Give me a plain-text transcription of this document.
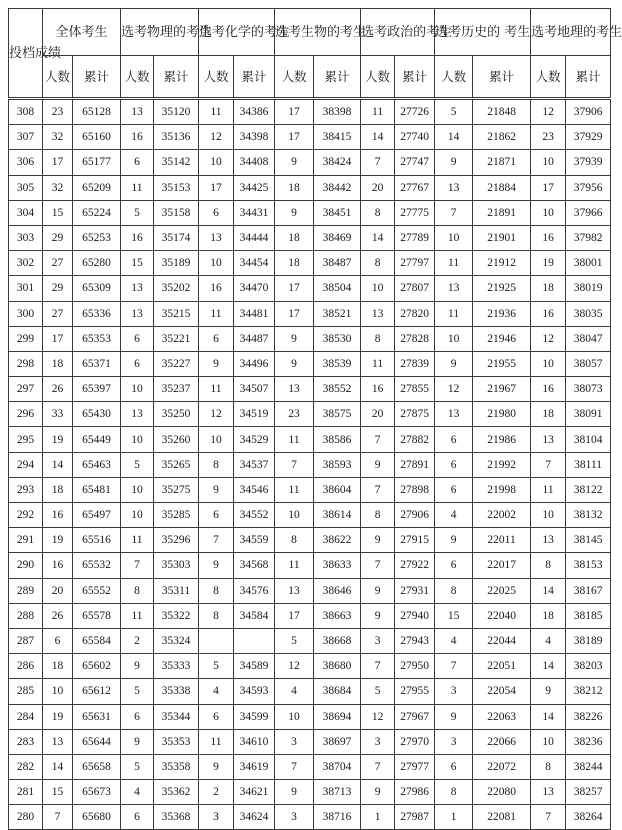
投档成绩	全体考生		选考物理的考生		选考化学的考生		选考生物的考生		选考政治的考生		选考历史的 考生		选考地理的考生	
	人数	累计	人数	累计	人数	累计	人数	累计	人数	累计	人数	累计	人数	累计
308	23	65128	13	35120	11	34386	17	38398	11	27726	5	21848	12	37906
307	32	65160	16	35136	12	34398	17	38415	14	27740	14	21862	23	37929
306	17	65177	6	35142	10	34408	9	38424	7	27747	9	21871	10	37939
305	32	65209	11	35153	17	34425	18	38442	20	27767	13	21884	17	37956
304	15	65224	5	35158	6	34431	9	38451	8	27775	7	21891	10	37966
303	29	65253	16	35174	13	34444	18	38469	14	27789	10	21901	16	37982
302	27	65280	15	35189	10	34454	18	38487	8	27797	11	21912	19	38001
301	29	65309	13	35202	16	34470	17	38504	10	27807	13	21925	18	38019
300	27	65336	13	35215	11	34481	17	38521	13	27820	11	21936	16	38035
299	17	65353	6	35221	6	34487	9	38530	8	27828	10	21946	12	38047
298	18	65371	6	35227	9	34496	9	38539	11	27839	9	21955	10	38057
297	26	65397	10	35237	11	34507	13	38552	16	27855	12	21967	16	38073
296	33	65430	13	35250	12	34519	23	38575	20	27875	13	21980	18	38091
295	19	65449	10	35260	10	34529	11	38586	7	27882	6	21986	13	38104
294	14	65463	5	35265	8	34537	7	38593	9	27891	6	21992	7	38111
293	18	65481	10	35275	9	34546	11	38604	7	27898	6	21998	11	38122
292	16	65497	10	35285	6	34552	10	38614	8	27906	4	22002	10	38132
291	19	65516	11	35296	7	34559	8	38622	9	27915	9	22011	13	38145
290	16	65532	7	35303	9	34568	11	38633	7	27922	6	22017	8	38153
289	20	65552	8	35311	8	34576	13	38646	9	27931	8	22025	14	38167
288	26	65578	11	35322	8	34584	17	38663	9	27940	15	22040	18	38185
287	6	65584	2	35324			5	38668	3	27943	4	22044	4	38189
286	18	65602	9	35333	5	34589	12	38680	7	27950	7	22051	14	38203
285	10	65612	5	35338	4	34593	4	38684	5	27955	3	22054	9	38212
284	19	65631	6	35344	6	34599	10	38694	12	27967	9	22063	14	38226
283	13	65644	9	35353	11	34610	3	38697	3	27970	3	22066	10	38236
282	14	65658	5	35358	9	34619	7	38704	7	27977	6	22072	8	38244
281	15	65673	4	35362	2	34621	9	38713	9	27986	8	22080	13	38257
280	7	65680	6	35368	3	34624	3	38716	1	27987	1	22081	7	38264
